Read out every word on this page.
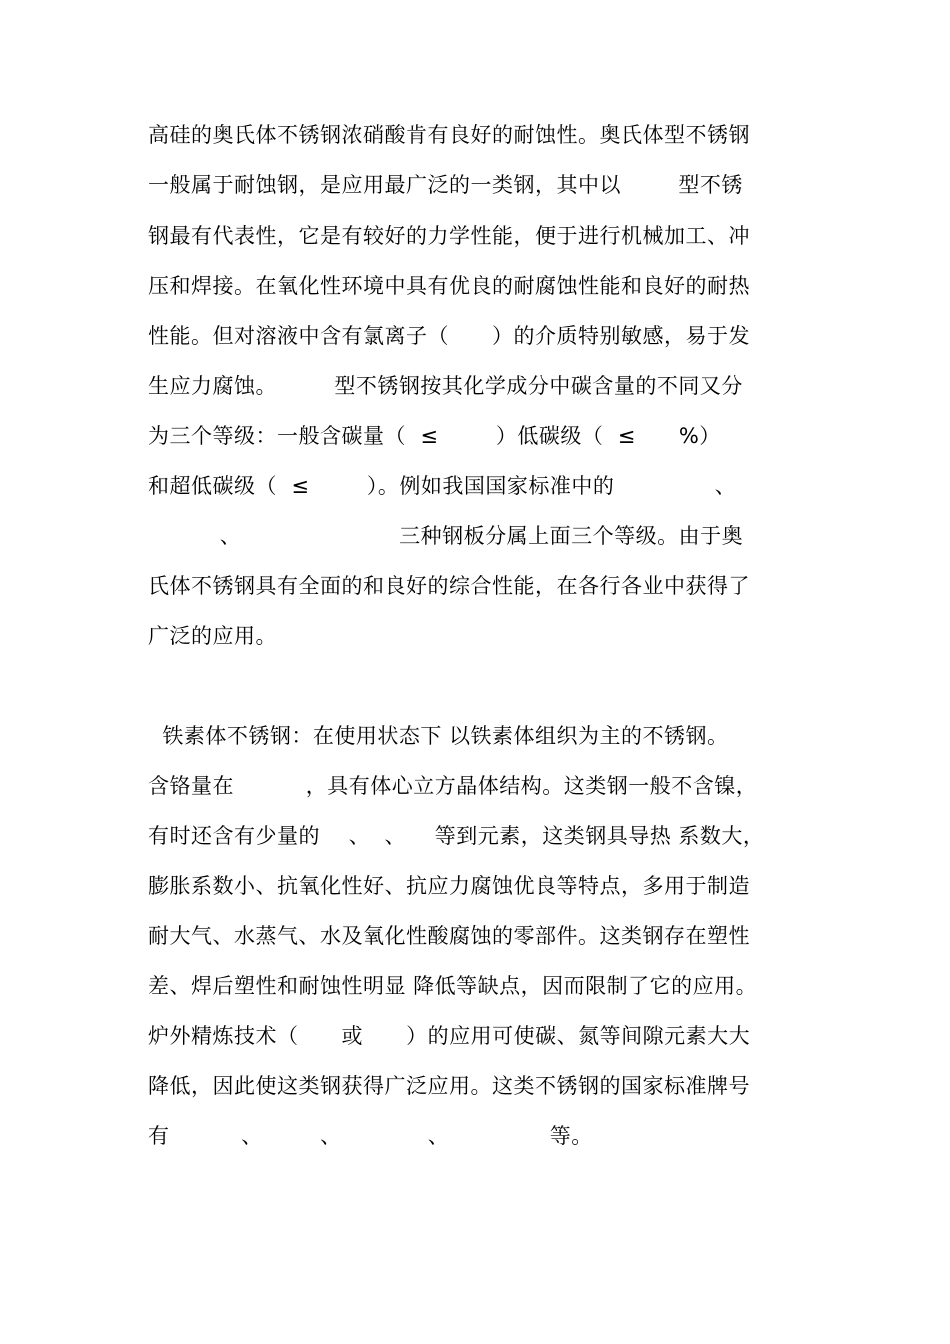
高硅的奥氏体不锈钢浓硝酸肯有良好的耐蚀性。奥氏体型不锈钢
一般属于耐蚀钢，是应用最广泛的一类钢，其中以        型不锈
钢最有代表性，它是有较好的力学性能，便于进行机械加工、冲
压和焊接。在氧化性环境中具有优良的耐腐蚀性能和良好的耐热
性能。但对溶液中含有氯离子（      ）的介质特别敏感，易于发
生应力腐蚀。        型不锈钢按其化学成分中碳含量的不同又分
为三个等级：一般含碳量（  ≤        ）低碳级（  ≤      %）
和超低碳级（  ≤        ）。例如我国国家标准中的              、
、                      三种钢板分属上面三个等级。由于奥
氏体不锈钢具有全面的和良好的综合性能，在各行各业中获得了
广泛的应用。
铁素体不锈钢：在使用状态下 以铁素体组织为主的不锈钢。
含铬量在          ，具有体心立方晶体结构。这类钢一般不含镍，
有时还含有少量的    、  、    等到元素，这类钢具导热 系数大，
膨胀系数小、抗氧化性好、抗应力腐蚀优良等特点，多用于制造
耐大气、水蒸气、水及氧化性酸腐蚀的零部件。这类钢存在塑性
差、焊后塑性和耐蚀性明显 降低等缺点，因而限制了它的应用。
炉外精炼技术（      或      ）的应用可使碳、氮等间隙元素大大
降低，因此使这类钢获得广泛应用。这类不锈钢的国家标准牌号
有          、        、            、              等。
